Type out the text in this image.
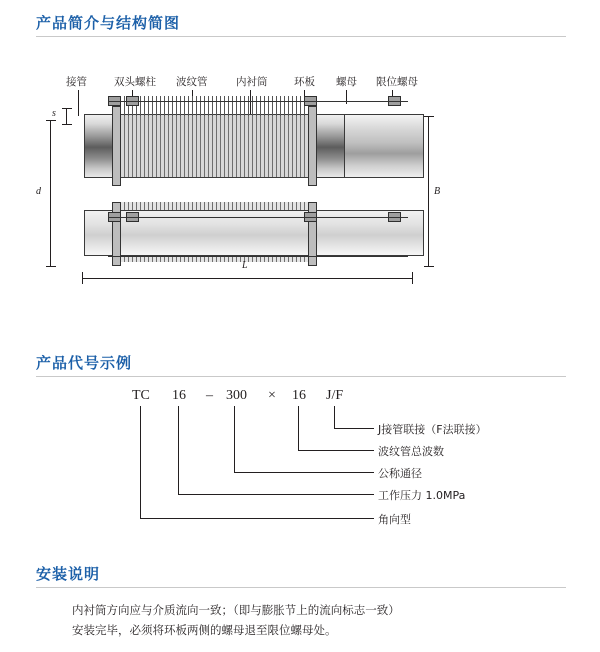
产品简介与结构简图
接管	双头螺柱 波纹管	内衬筒	环板 螺母 限位螺母
s
d	B
L
产品代号示例
TC 16 – 300 × 16 J/F
J接管联接（F法联接）
波纹管总波数
公称通径
工作压力 1.0MPa
角向型
安装说明
内衬筒方向应与介质流向一致；（即与膨胀节上的流向标志一致）
安装完毕，必须将环板两侧的螺母退至限位螺母处。
